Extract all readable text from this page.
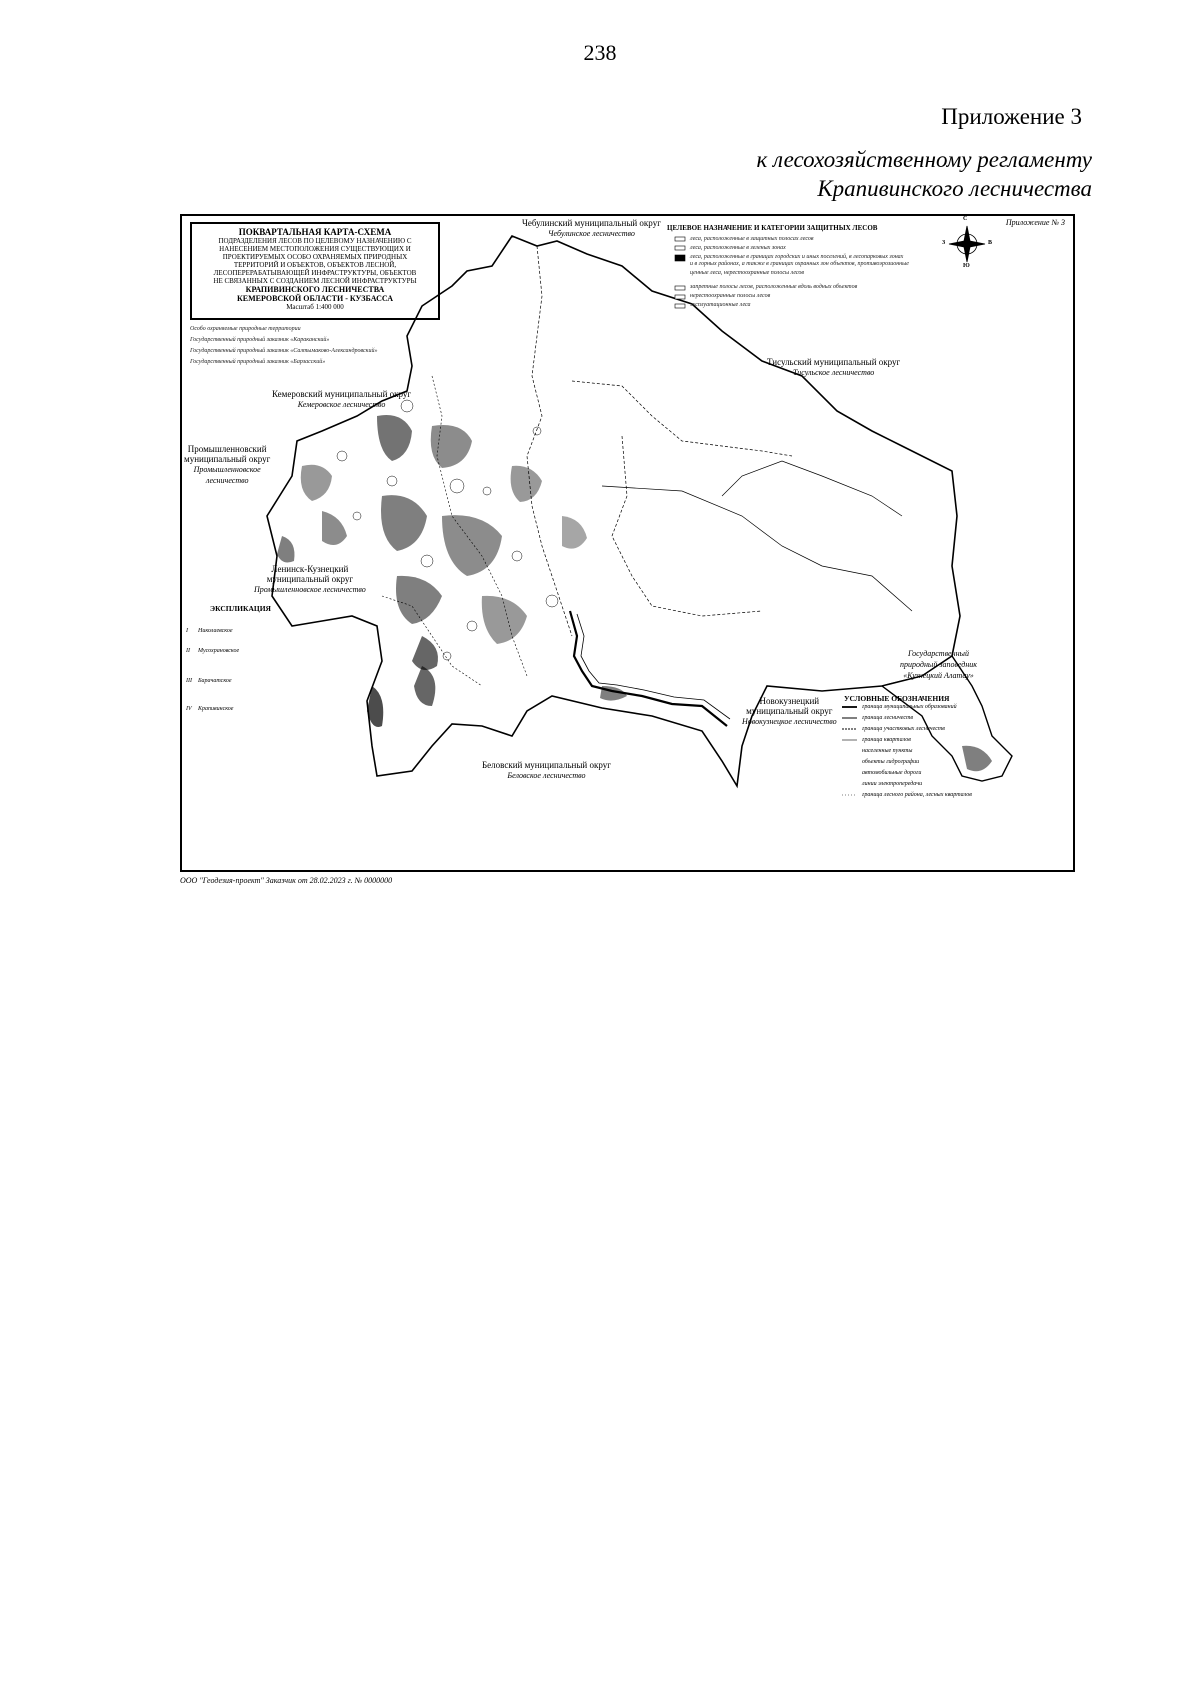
238
Приложение 3
к лесохозяйственному регламенту
Крапивинского лесничества
Приложение № 3
ПОКВАРТАЛЬНАЯ КАРТА-СХЕМА
ПОДРАЗДЕЛЕНИЯ ЛЕСОВ ПО ЦЕЛЕВОМУ НАЗНАЧЕНИЮ С
НАНЕСЕНИЕМ МЕСТОПОЛОЖЕНИЯ СУЩЕСТВУЮЩИХ И
ПРОЕКТИРУЕМЫХ ОСОБО ОХРАНЯЕМЫХ ПРИРОДНЫХ
ТЕРРИТОРИЙ И ОБЪЕКТОВ, ОБЪЕКТОВ ЛЕСНОЙ,
ЛЕСОПЕРЕРАБАТЫВАЮЩЕЙ ИНФРАСТРУКТУРЫ, ОБЪЕКТОВ
НЕ СВЯЗАННЫХ С СОЗДАНИЕМ ЛЕСНОЙ ИНФРАСТРУКТУРЫ
КРАПИВИНСКОГО ЛЕСНИЧЕСТВА
КЕМЕРОВСКОЙ ОБЛАСТИ - КУЗБАССА
Масштаб 1:400 000
Особо охраняемые природные территории
Государственный природный заказник «Караканский»
Государственный природный заказник «Салтымаково-Александровский»
Государственный природный заказник «Барзасский»
ЦЕЛЕВОЕ НАЗНАЧЕНИЕ И КАТЕГОРИИ ЗАЩИТНЫХ ЛЕСОВ
леса, расположенные в защитных полосах лесов
леса, расположенные в зеленых зонах
леса, расположенные в границах городских и иных поселений, в лесопарковых зонах
и в горных районах, а также в границах охранных зон объектов, противоэрозионные
ценные леса, нерестоохранные полосы лесов
запретные полосы лесов, расположенные вдоль водных объектов
нерестоохранные полосы лесов
эксплуатационные леса
С
Ю
З	В
Чебулинский муниципальный округ
Чебулинское лесничество
Тисульский муниципальный округ
Тисульское лесничество
Кемеровский муниципальный округ
Кемеровское лесничество
Промышленновский
муниципальный округ
Промышленновское
лесничество
Ленинск-Кузнецкий
муниципальный округ
Промышленновское лесничество
Новокузнецкий
муниципальный округ
Новокузнецкое лесничество
Беловский муниципальный округ
Беловское лесничество
Государственный
природный заповедник
«Кузнецкий Алатау»
ЭКСПЛИКАЦИЯ
I Николаевское
II Мусохрановское
III Барачатское
IV Крапивинское
УСЛОВНЫЕ ОБОЗНАЧЕНИЯ
граница муниципальных образований
граница лесничеств
граница участковых лесничеств
граница кварталов
населенные пункты
объекты гидрографии
автомобильные дороги
линии электропередачи
граница лесного района, лесных кварталов
ООО "Геодезия-проект" Заказчик от 28.02.2023 г. № 0000000
